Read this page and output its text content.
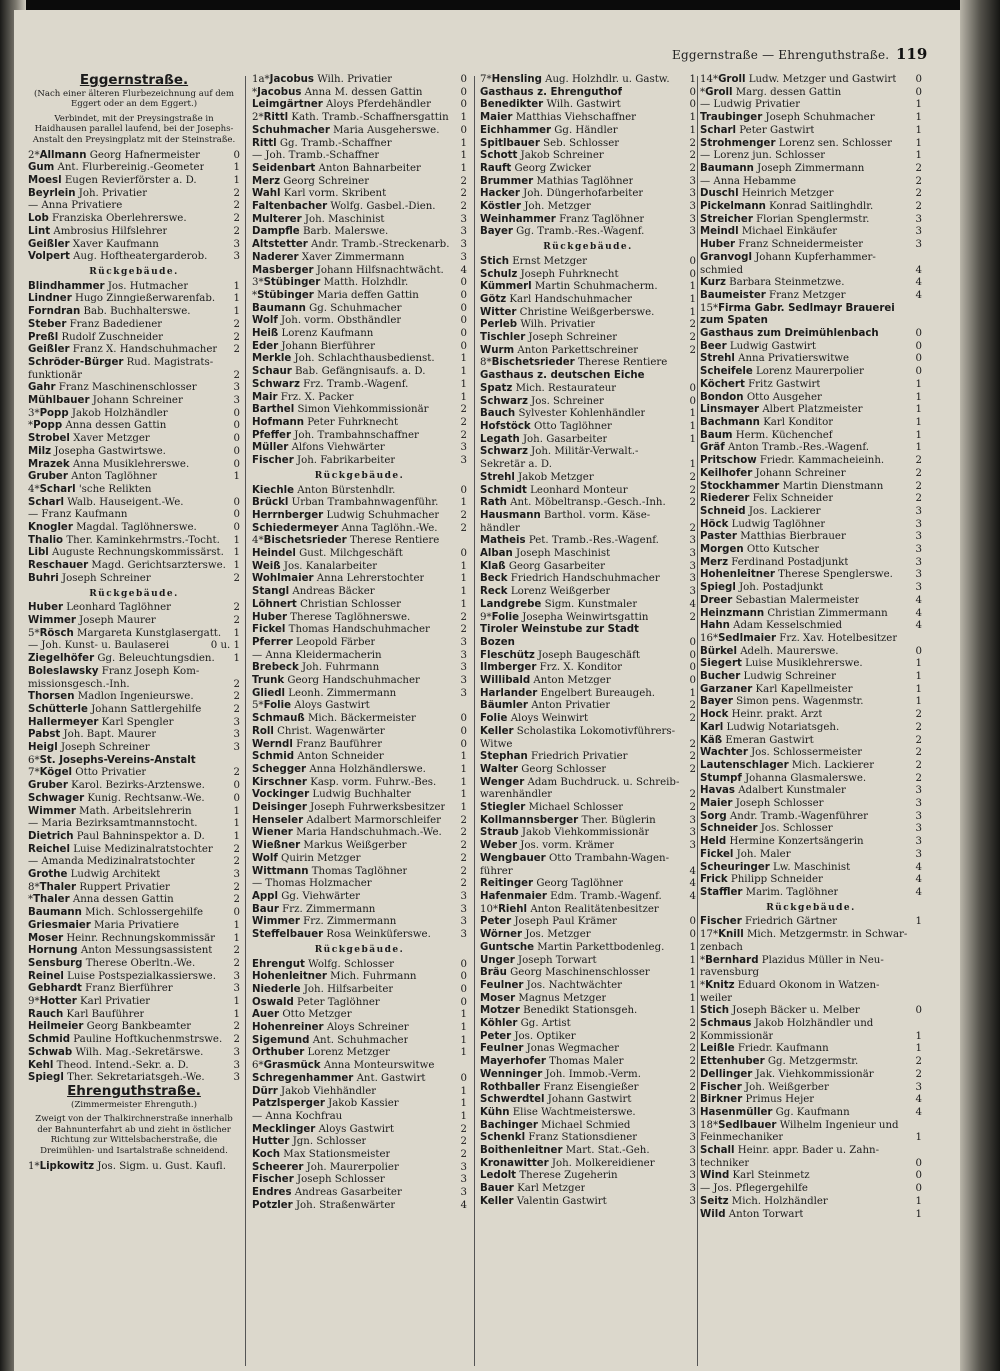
Eggernstraße — Ehrenguthstraße. 119
Eggernstraße.
(Nach einer älteren Flurbezeichnung auf dem Eggert oder an dem Eggert.)
Verbindet, mit der Preysingstraße in Haidhausen parallel laufend, bei der Josephs-Anstalt den Preysingplatz mit der Steinstraße.
2*Allmann Georg Hafnermeister	0
Gum Ant. Flurbereinig.-Geometer	1
Moesl Eugen Revierförster a. D.	1
Beyrlein Joh. Privatier	2
— Anna Privatiere	2
Lob Franziska Oberlehrerswe.	2
Lint Ambrosius Hilfslehrer	2
Geißler Xaver Kaufmann	3
Volpert Aug. Hoftheatergarderob.	3
Rückgebäude.
Blindhammer Jos. Hutmacher	1
Lindner Hugo Zinngießerwarenfab. 1
Forndran Bab. Buchhalterswe.	1
Steber Franz Badediener	2
Preßl Rudolf Zuschneider	2
Geißler Franz X. Handschuhmacher 2
Schröder-Bürger Rud. Magistrats-
funktionär	2
Gahr Franz Maschinenschlosser	3
Mühlbauer Johann Schreiner	3
3*Popp Jakob Holzhändler	0
*Popp Anna dessen Gattin	0
Strobel Xaver Metzger	0
Milz Josepha Gastwirtswe.	0
Mrazek Anna Musiklehrerswe.	0
Gruber Anton Taglöhner	1
4*Scharl 'sche Relikten
Scharl Walb. Hauseigent.-We.	0
— Franz Kaufmann	0
Knogler Magdal. Taglöhnerswe.	0
Thalio Ther. Kaminkehrmstrs.-Tocht. 1
Libl Auguste Rechnungskommissärst. 1
Reschauer Magd. Gerichtsarzterswe. 1
Buhri Joseph Schreiner	2
Rückgebäude.
Huber Leonhard Taglöhner	2
Wimmer Joseph Maurer	2
5*Rösch Margareta Kunstglasergatt. 1
— Joh. Kunst- u. Baulaserei	0 u. 1
Ziegelhöfer Gg. Beleuchtungsdien. 1
Boleslawsky Franz Joseph Kom-
missionsgesch.-Inh.	2
Thorsen Madlon Ingenieurswe.	2
Schütterle Johann Sattlergehilfe	2
Hallermeyer Karl Spengler	3
Pabst Joh. Bapt. Maurer	3
Heigl Joseph Schreiner	3
6*St. Josephs-Vereins-Anstalt
7*Kögel Otto Privatier	2
Gruber Karol. Bezirks-Arztenswe.	0
Schwager Kunig. Rechtsanw.-We.	0
Wimmer Math. Arbeitslehrerin	1
— Maria Bezirksamtmannstocht.	1
Dietrich Paul Bahninspektor a. D.	1
Reichel Luise Medizinalratstochter 2
— Amanda Medizinalratstochter	2
Grothe Ludwig Architekt	3
8*Thaler Ruppert Privatier	2
*Thaler Anna dessen Gattin	2
Baumann Mich. Schlossergehilfe	0
Griesmaier Maria Privatiere	1
Moser Heinr. Rechnungskommissär 1
Hornung Anton Messungsassistent 2
Sensburg Therese Oberltn.-We.	2
Reinel Luise Postspezialkassierswe. 3
Gebhardt Franz Bierführer	3
9*Hotter Karl Privatier	1
Rauch Karl Bauführer	1
Heilmeier Georg Bankbeamter	2
Schmid Pauline Hoftkuchenmstrswe. 2
Schwab Wilh. Mag.-Sekretärswe.	3
Kehl Theod. Intend.-Sekr. a. D.	3
Spiegl Ther. Sekretariatsgeh.-We.	3
Ehrenguthstraße.
(Zimmermeister Ehrenguth.)
Zweigt von der Thalkirchnerstraße innerhalb der Bahnunterfahrt ab und zieht in östlicher Richtung zur Wittelsbacherstraße, die Dreimühlen- und Isartalstraße schneidend.
1*Lipkowitz Jos. Sigm. u. Gust. Kaufl.
1a*Jacobus Wilh. Privatier	0
*Jacobus Anna M. dessen Gattin	0
Leimgärtner Aloys Pferdehändler	0
2*Rittl Kath. Tramb.-Schaffnersgattin 1
Schuhmacher Maria Ausgeherswe. 0
Rittl Gg. Tramb.-Schaffner	1
— Joh. Tramb.-Schaffner	1
Seidenbart Anton Bahnarbeiter	1
Merz Georg Schreiner	2
Wahl Karl vorm. Skribent	2
Faltenbacher Wolfg. Gasbel.-Dien. 2
Multerer Joh. Maschinist	3
Dampfle Barb. Malerswe.	3
Altstetter Andr. Tramb.-Streckenarb. 3
Naderer Xaver Zimmermann	3
Masberger Johann Hilfsnachtwächt. 4
3*Stübinger Matth. Holzhdlr.	0
*Stübinger Maria deffen Gattin	0
Baumann Gg. Schuhmacher	0
Wolf Joh. vorm. Obsthändler	0
Heiß Lorenz Kaufmann	0
Eder Johann Bierführer	0
Merkle Joh. Schlachthausbedienst.	1
Schaur Bab. Gefängnisaufs. a. D.	1
Schwarz Frz. Tramb.-Wagenf.	1
Mair Frz. X. Packer	1
Barthel Simon Viehkommissionär	2
Hofmann Peter Fuhrknecht	2
Pfeffer Joh. Trambahnschaffner	2
Müller Alfons Viehwärter	3
Fischer Joh. Fabrikarbeiter	3
Rückgebäude.
Kiechle Anton Bürstenhdlr.	0
Brückl Urban Trambahnwagenführ. 1
Herrnberger Ludwig Schuhmacher 2
Schiedermeyer Anna Taglöhn.-We. 2
4*Bischetsrieder Therese Rentiere
Heindel Gust. Milchgeschäft	0
Weiß Jos. Kanalarbeiter	1
Wohlmaier Anna Lehrerstochter	1
Stangl Andreas Bäcker	1
Löhnert Christian Schlosser	1
Huber Therese Taglöhnerswe.	2
Fickel Thomas Handschuhmacher	2
Pferrer Leopold Färber	3
— Anna Kleidermacherin	3
Brebeck Joh. Fuhrmann	3
Trunk Georg Handschuhmacher	3
Gliedl Leonh. Zimmermann	3
5*Folie Aloys Gastwirt
Schmauß Mich. Bäckermeister	0
Roll Christ. Wagenwärter	0
Werndl Franz Bauführer	0
Schmid Anton Schneider	1
Schegger Anna Holzhändlerswe.	1
Kirschner Kasp. vorm. Fuhrw.-Bes. 1
Vockinger Ludwig Buchhalter	1
Deisinger Joseph Fuhrwerksbesitzer 1
Henseler Adalbert Marmorschleifer 2
Wiener Maria Handschuhmach.-We. 2
Wießner Markus Weißgerber	2
Wolf Quirin Metzger	2
Wittmann Thomas Taglöhner	2
— Thomas Holzmacher	2
Appl Gg. Viehwärter	3
Baur Frz. Zimmermann	3
Wimmer Frz. Zimmermann	3
Steffelbauer Rosa Weinküferswe.	3
Rückgebäude.
Ehrengut Wolfg. Schlosser	0
Hohenleitner Mich. Fuhrmann	0
Niederle Joh. Hilfsarbeiter	0
Oswald Peter Taglöhner	0
Auer Otto Metzger	1
Hohenreiner Aloys Schreiner	1
Sigemund Ant. Schuhmacher	1
Orthuber Lorenz Metzger	1
6*Grasmück Anna Monteurswitwe
Schregenhammer Ant. Gastwirt	0
Dürr Jakob Viehhändler	1
Patzlsperger Jakob Kassier	1
— Anna Kochfrau	1
Mecklinger Aloys Gastwirt	2
Hutter Jgn. Schlosser	2
Koch Max Stationsmeister	2
Scheerer Joh. Maurerpolier	3
Fischer Joseph Schlosser	3
Endres Andreas Gasarbeiter	3
Potzler Joh. Straßenwärter	4
7*Hensling Aug. Holzhdlr. u. Gastw. 1
Gasthaus z. Ehrenguthof	0
Benedikter Wilh. Gastwirt	0
Maier Matthias Viehschaffner	1
Eichhammer Gg. Händler	1
Spitlbauer Seb. Schlosser	2
Schott Jakob Schreiner	2
Rauft Georg Zwicker	2
Brummer Mathias Taglöhner	3
Hacker Joh. Düngerhofarbeiter	3
Köstler Joh. Metzger	3
Weinhammer Franz Taglöhner	3
Bayer Gg. Tramb.-Res.-Wagenf.	3
Rückgebäude.
Stich Ernst Metzger	0
Schulz Joseph Fuhrknecht	0
Kümmerl Martin Schuhmacherm.	1
Götz Karl Handschuhmacher	1
Witter Christine Weißgerberswe.	1
Perleb Wilh. Privatier	2
Tischler Joseph Schreiner	2
Wurm Anton Parkettschreiner	2
8*Bischetsrieder Therese Rentiere
Gasthaus z. deutschen Eiche
Spatz Mich. Restaurateur	0
Schwarz Jos. Schreiner	0
Bauch Sylvester Kohlenhändler	1
Hofstöck Otto Taglöhner	1
Legath Joh. Gasarbeiter	1
Schwarz Joh. Militär-Verwalt.-
Sekretär a. D.	1
Strehl Jakob Metzger	2
Schmidt Leonhard Monteur	2
Rath Ant. Möbeltransp.-Gesch.-Inh. 2
Hausmann Barthol. vorm. Käse-
händler	2
Matheis Pet. Tramb.-Res.-Wagenf.	3
Alban Joseph Maschinist	3
Klaß Georg Gasarbeiter	3
Beck Friedrich Handschuhmacher	3
Reck Lorenz Weißgerber	3
Landgrebe Sigm. Kunstmaler	4
9*Folie Josepha Weinwirtsgattin	2
Tiroler Weinstube zur Stadt
Bozen	0
Fleschütz Joseph Baugeschäft	0
Ilmberger Frz. X. Konditor	0
Willibald Anton Metzger	0
Harlander Engelbert Bureaugeh.	1
Bäumler Anton Privatier	2
Folie Aloys Weinwirt	2
Keller Scholastika Lokomotivführers-
Witwe	2
Stephan Friedrich Privatier	2
Walter Georg Schlosser	2
Wenger Adam Buchdruck. u. Schreib-
warenhändler	2
Stiegler Michael Schlosser	2
Kollmannsberger Ther. Büglerin	3
Straub Jakob Viehkommissionär	3
Weber Jos. vorm. Krämer	3
Wengbauer Otto Trambahn-Wagen-
führer	4
Reitinger Georg Taglöhner	4
Hafenmaier Edm. Tramb.-Wagenf.	4
10*Riehl Anton Realitätenbesitzer
Peter Joseph Paul Krämer	0
Wörner Jos. Metzger	0
Guntsche Martin Parkettbodenleg. 1
Unger Joseph Torwart	1
Bräu Georg Maschinenschlosser	1
Feulner Jos. Nachtwächter	1
Moser Magnus Metzger	1
Motzer Benedikt Stationsgeh.	1
Köhler Gg. Artist	2
Peter Jos. Optiker	2
Feulner Jonas Wegmacher	2
Mayerhofer Thomas Maler	2
Wenninger Joh. Immob.-Verm.	2
Rothballer Franz Eisengießer	2
Schwerdtel Johann Gastwirt	2
Kühn Elise Wachtmeisterswe.	3
Bachinger Michael Schmied	3
Schenkl Franz Stationsdiener	3
Boithenleitner Mart. Stat.-Geh.	3
Kronawitter Joh. Molkereidiener	3
Ledolt Therese Zugeherin	3
Bauer Karl Metzger	3
Keller Valentin Gastwirt	3
14*Groll Ludw. Metzger und Gastwirt 0
*Groll Marg. dessen Gattin	0
— Ludwig Privatier	1
Traubinger Joseph Schuhmacher	1
Scharl Peter Gastwirt	1
Strohmenger Lorenz sen. Schlosser 1
— Lorenz jun. Schlosser	1
Baumann Joseph Zimmermann	2
— Anna Hebamme	2
Duschl Heinrich Metzger	2
Pickelmann Konrad Saitlinghdlr.	2
Streicher Florian Spenglermstr.	3
Meindl Michael Einkäufer	3
Huber Franz Schneidermeister	3
Granvogl Johann Kupferhammer-
schmied	4
Kurz Barbara Steinmetzwe.	4
Baumeister Franz Metzger	4
15*Firma Gabr. Sedlmayr Brauerei
zum Spaten
Gasthaus zum Dreimühlenbach	0
Beer Ludwig Gastwirt	0
Strehl Anna Privatierswitwe	0
Scheifele Lorenz Maurerpolier	0
Köchert Fritz Gastwirt	1
Bondon Otto Ausgeher	1
Linsmayer Albert Platzmeister	1
Bachmann Karl Konditor	1
Baum Herm. Küchenchef	1
Gräf Anton Tramb.-Res.-Wagenf.	1
Pritschow Friedr. Kammacheieinh.	2
Keilhofer Johann Schreiner	2
Stockhammer Martin Dienstmann	2
Riederer Felix Schneider	2
Schneid Jos. Lackierer	3
Höck Ludwig Taglöhner	3
Paster Matthias Bierbrauer	3
Morgen Otto Kutscher	3
Merz Ferdinand Postadjunkt	3
Hohenleitner Therese Spenglerswe. 3
Spiegl Joh. Postadjunkt	3
Dreer Sebastian Malermeister	4
Heinzmann Christian Zimmermann	4
Hahn Adam Kesselschmied	4
16*Sedlmaier Frz. Xav. Hotelbesitzer
Bürkel Adelh. Maurerswe.	0
Siegert Luise Musiklehrerswe.	1
Bucher Ludwig Schreiner	1
Garzaner Karl Kapellmeister	1
Bayer Simon pens. Wagenmstr.	1
Hock Heinr. prakt. Arzt	2
Karl Ludwig Notariatsgeh.	2
Käß Emeran Gastwirt	2
Wachter Jos. Schlossermeister	2
Lautenschlager Mich. Lackierer	2
Stumpf Johanna Glasmalerswe.	2
Havas Adalbert Kunstmaler	3
Maier Joseph Schlosser	3
Sorg Andr. Tramb.-Wagenführer	3
Schneider Jos. Schlosser	3
Held Hermine Konzertsängerin	3
Fickel Joh. Maler	3
Scheuringer Lw. Maschinist	4
Frick Philipp Schneider	4
Staffler Marim. Taglöhner	4
Rückgebäude.
Fischer Friedrich Gärtner	1
17*Knill Mich. Metzgermstr. in Schwar-
zenbach
*Bernhard Plazidus Müller in Neu-
ravensburg
*Knitz Eduard Ökonom in Watzen-
weiler
Stich Joseph Bäcker u. Melber	0
Schmaus Jakob Holzhändler und
Kommissionär	1
Leißle Friedr. Kaufmann	1
Ettenhuber Gg. Metzgermstr.	2
Dellinger Jak. Viehkommissionär	2
Fischer Joh. Weißgerber	3
Birkner Primus Hejer	4
Hasenmüller Gg. Kaufmann	4
18*Sedlbauer Wilhelm Ingenieur und
Feinmechaniker	1
Schall Heinr. appr. Bader u. Zahn-
techniker	0
Wind Karl Steinmetz	0
— Jos. Pflegergehilfe	0
Seitz Mich. Holzhändler	1
Wild Anton Torwart	1
